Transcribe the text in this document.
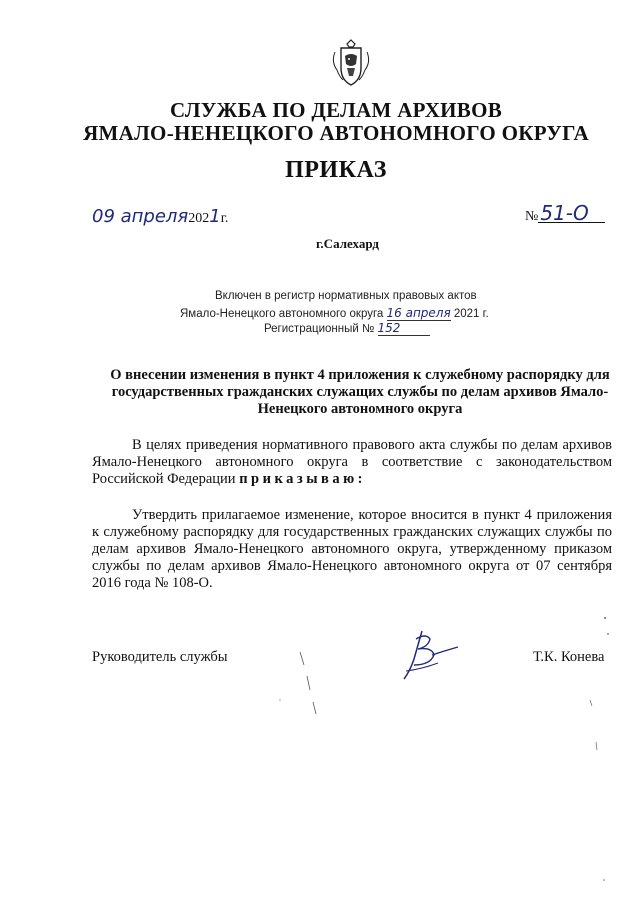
СЛУЖБА ПО ДЕЛАМ АРХИВОВ
ЯМАЛО-НЕНЕЦКОГО АВТОНОМНОГО ОКРУГА
ПРИКАЗ
09 апреля2021г.	№ 51-О
г.Салехард
Включен в регистр нормативных правовых актов
Ямало-Ненецкого автономного округа 16 апреля 2021 г.
Регистрационный № 152
О внесении изменения в пункт 4 приложения к служебному распорядку для государственных гражданских служащих службы по делам архивов Ямало-Ненецкого автономного округа
В целях приведения нормативного правового акта службы по делам архивов Ямало-Ненецкого автономного округа в соответствие с законодательством Российской Федерации приказываю:
Утвердить прилагаемое изменение, которое вносится в пункт 4 приложения к служебному распорядку для государственных гражданских служащих службы по делам архивов Ямало-Ненецкого автономного округа, утвержденному приказом службы по делам архивов Ямало-Ненецкого автономного округа от 07 сентября 2016 года № 108-О.
Руководитель службы	Т.К. Конева
